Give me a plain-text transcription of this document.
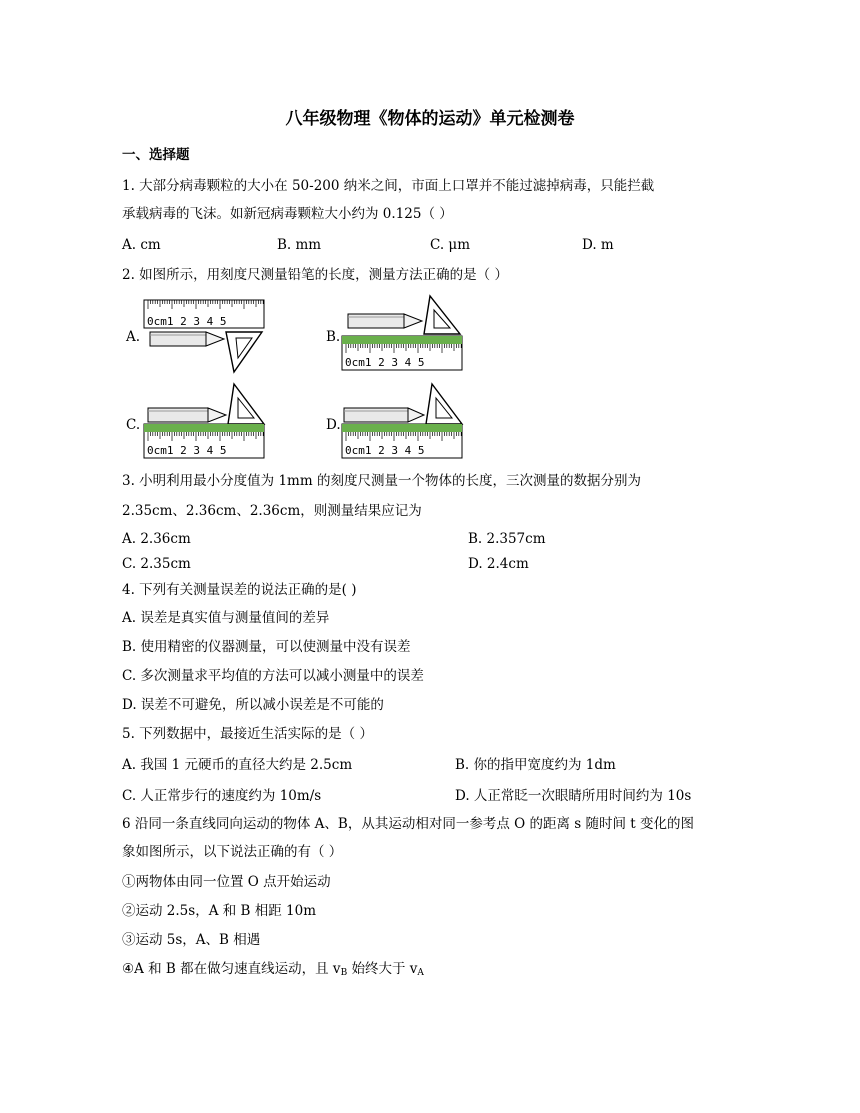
八年级物理《物体的运动》单元检测卷
一、选择题
1. 大部分病毒颗粒的大小在 50-200 纳米之间，市面上口罩并不能过滤掉病毒，只能拦截
承载病毒的飞沫。如新冠病毒颗粒大小约为 0.125（ ）
A. cm	B. mm	C. μm	D. m
2. 如图所示，用刻度尺测量铅笔的长度，测量方法正确的是（ ）
A.	B.
C.	D.
0cm1 2 3 4 5
0cm1 2 3 4 5
0cm1 2 3 4 5	0cm1 2 3 4 5
3. 小明利用最小分度值为 1mm 的刻度尺测量一个物体的长度，三次测量的数据分别为
2.35cm、2.36cm、2.36cm，则测量结果应记为
A. 2.36cm	B. 2.357cm
C. 2.35cm	D. 2.4cm
4. 下列有关测量误差的说法正确的是( )
A. 误差是真实值与测量值间的差异
B. 使用精密的仪器测量，可以使测量中没有误差
C. 多次测量求平均值的方法可以减小测量中的误差
D. 误差不可避免，所以减小误差是不可能的
5. 下列数据中，最接近生活实际的是（ ）
A. 我国 1 元硬币的直径大约是 2.5cm	B. 你的指甲宽度约为 1dm
C. 人正常步行的速度约为 10m/s	D. 人正常眨一次眼睛所用时间约为 10s
6 沿同一条直线同向运动的物体 A、B，从其运动相对同一参考点 O 的距离 s 随时间 t 变化的图
象如图所示，以下说法正确的有（ ）
①两物体由同一位置 O 点开始运动
②运动 2.5s，A 和 B 相距 10m
③运动 5s，A、B 相遇
④A 和 B 都在做匀速直线运动，且 $v_B$ 始终大于 $v_A$
